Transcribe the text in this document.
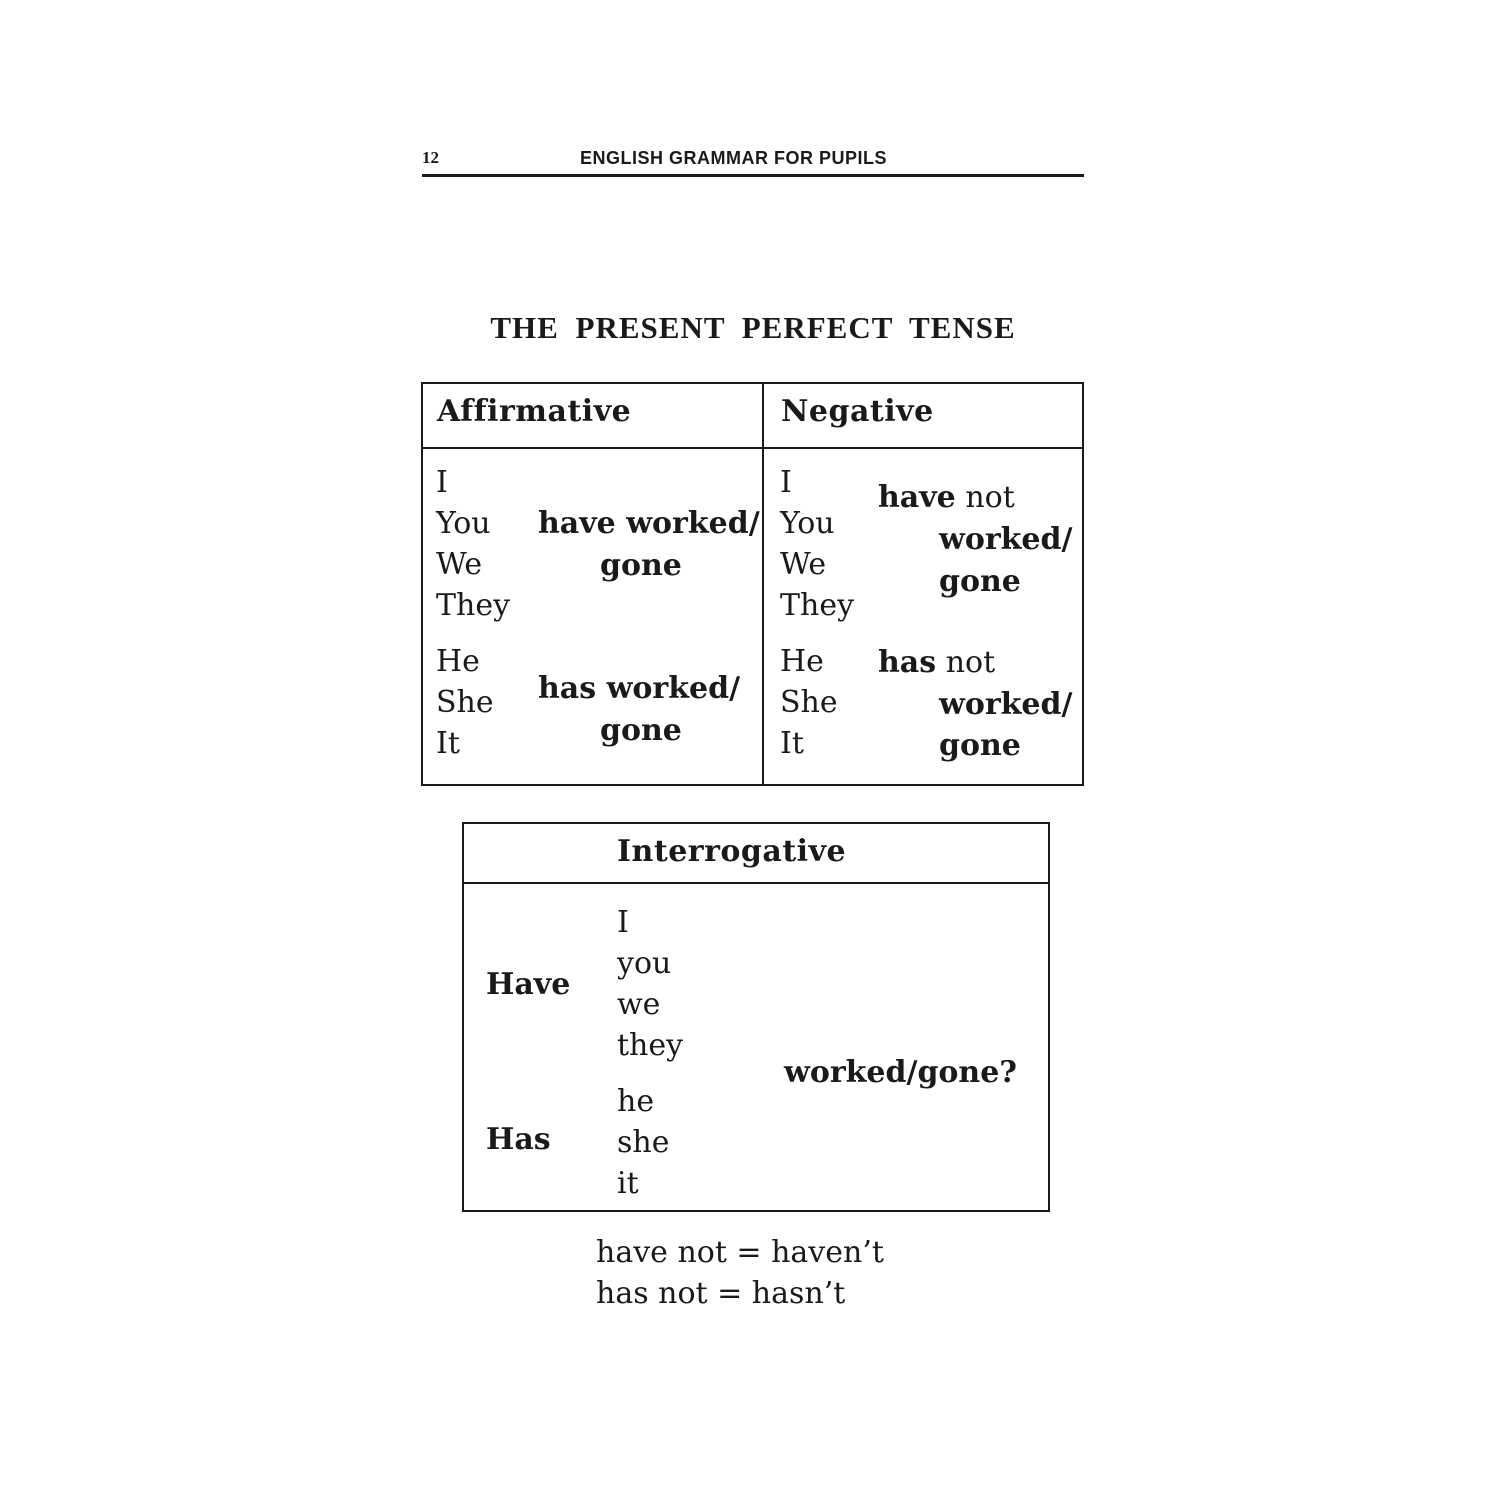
12	ENGLISH GRAMMAR FOR PUPILS
THE PRESENT PERFECT TENSE
Affirmative	Negative
I
You
We
They
have worked/
gone
He
She
It
has worked/
gone
I
You
We
They
have not
worked/
gone
He
She
It
has not
worked/
gone
Interrogative
Have
I
you
we
they
worked/gone?
Has
he
she
it
have not = haven’t
has not = hasn’t
